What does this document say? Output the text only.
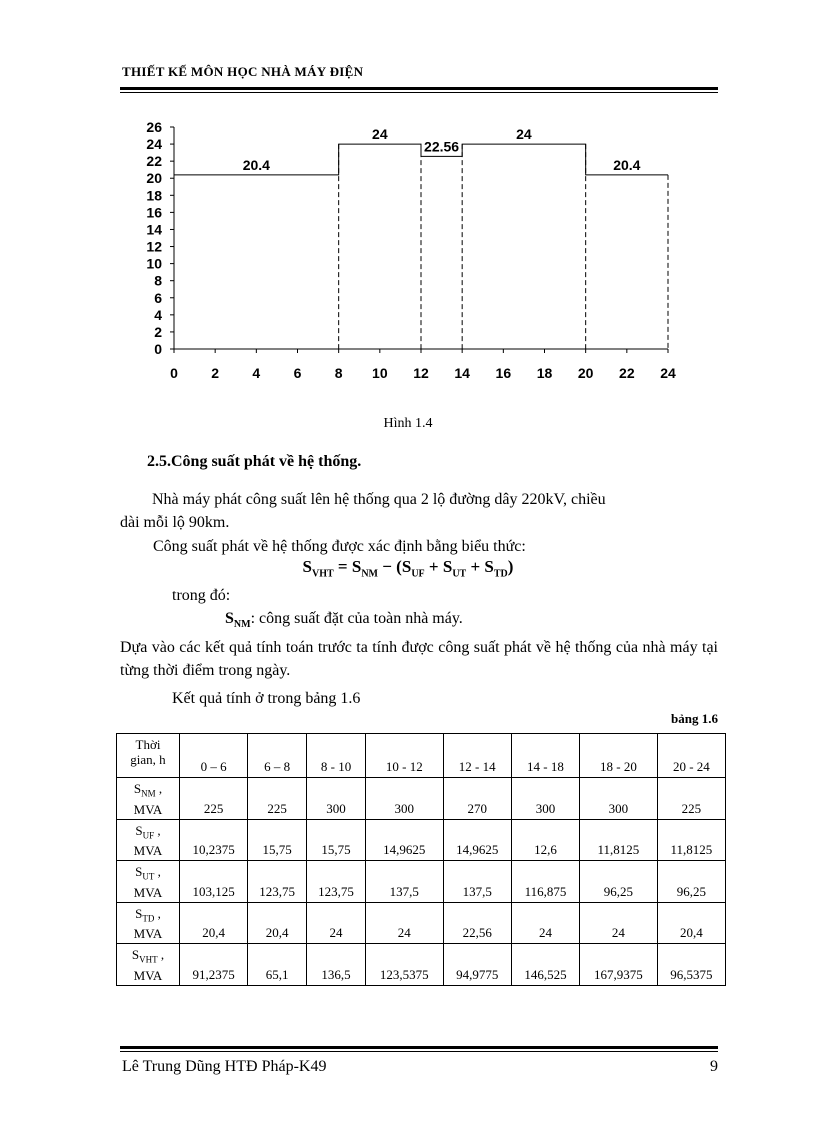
THIẾT KẾ MÔN HỌC NHÀ MÁY ĐIỆN
0
2
4
6
8
10
12
14
16
18
20
22
24
26
0 2 4 6 8 10 12 14 16 18 20 22 24
20.4
24
22.56
24
20.4
Hình 1.4
2.5.Công suất phát về hệ thống.
Nhà máy phát công suất lên hệ thống qua 2 lộ đường dây 220kV, chiều
dài mỗi lộ 90km.
Công suất phát về hệ thống được xác định bằng biểu thức:
$S_{VHT} = S_{NM} - (S_{UF} + S_{UT} + S_{TD})$
trong đó:
$S_{NM}$: công suất đặt của toàn nhà máy.
Dựa vào các kết quả tính toán trước ta tính được công suất phát về hệ thống của nhà máy tại từng thời điểm trong ngày.
Kết quả tính ở trong bảng 1.6
bảng 1.6
Thời
gian, h	0 – 6	6 – 8	8 - 10	10 - 12	12 - 14	14 - 18	18 - 20	20 - 24
$S_{NM}$ ,
MVA	225	225	300	300	270	300	300	225
$S_{UF}$ ,
MVA	10,2375	15,75	15,75	14,9625	14,9625	12,6	11,8125	11,8125
$S_{UT}$ ,
MVA	103,125	123,75	123,75	137,5	137,5	116,875	96,25	96,25
$S_{TD}$ ,
MVA	20,4	20,4	24	24	22,56	24	24	20,4
$S_{VHT}$ ,
MVA	91,2375	65,1	136,5	123,5375	94,9775	146,525	167,9375	96,5375
Lê Trung Dũng HTĐ Pháp-K49	9
